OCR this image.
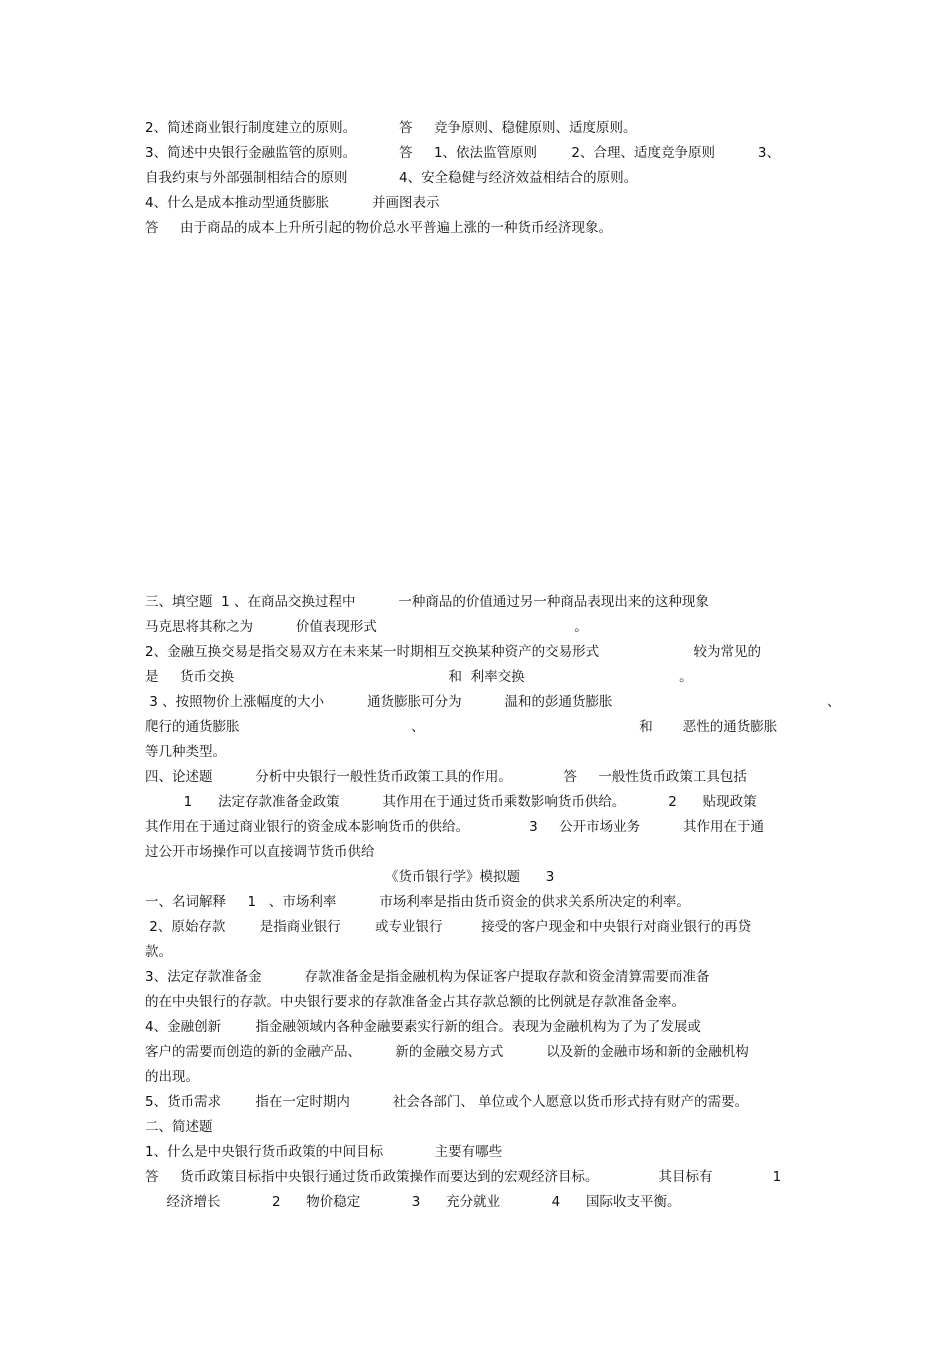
2、简述商业银行制度建立的原则。          答     竞争原则、稳健原则、适度原则。
3、简述中央银行金融监管的原则。          答     1、依法监管原则        2、合理、适度竞争原则          3、
自我约束与外部强制相结合的原则            4、安全稳健与经济效益相结合的原则。
4、什么是成本推动型通货膨胀          并画图表示
答     由于商品的成本上升所引起的物价总水平普遍上涨的一种货币经济现象。
三、填空题  1 、在商品交换过程中          一种商品的价值通过另一种商品表现出来的这种现象
马克思将其称之为          价值表现形式                                              。
2、金融互换交易是指交易双方在未来某一时期相互交换某种资产的交易形式                      较为常见的
是     货币交换                                                  和  利率交换                                    。
3 、按照物价上涨幅度的大小          通货膨胀可分为          温和的彭通货膨胀                                                  、
爬行的通货膨胀                                        、                                                  和       恶性的通货膨胀
等几种类型。
四、论述题          分析中央银行一般性货币政策工具的作用。            答     一般性货币政策工具包括
1      法定存款准备金政策          其作用在于通过货币乘数影响货币供给。          2      贴现政策
其作用在于通过商业银行的资金成本影响货币的供给。              3     公开市场业务          其作用在于通
过公开市场操作可以直接调节货币供给
《货币银行学》模拟题      3
一、名词解释     1   、市场利率          市场利率是指由货币资金的供求关系所决定的利率。
2、原始存款        是指商业银行        或专业银行         接受的客户现金和中央银行对商业银行的再贷
款。
3、法定存款准备金          存款准备金是指金融机构为保证客户提取存款和资金清算需要而准备
的在中央银行的存款。中央银行要求的存款准备金占其存款总额的比例就是存款准备金率。
4、金融创新        指金融领域内各种金融要素实行新的组合。表现为金融机构为了为了发展或
客户的需要而创造的新的金融产品、        新的金融交易方式          以及新的金融市场和新的金融机构
的出现。
5、货币需求        指在一定时期内          社会各部门、 单位或个人愿意以货币形式持有财产的需要。
二、简述题
1、什么是中央银行货币政策的中间目标            主要有哪些
答     货币政策目标指中央银行通过货币政策操作而要达到的宏观经济目标。              其目标有              1
经济增长            2      物价稳定            3      充分就业            4      国际收支平衡。
